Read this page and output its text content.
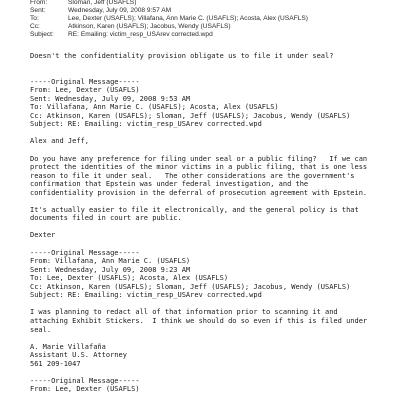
From:	Sloman, Jeff (USAFLS)
Sent:	Wednesday, July 09, 2008 9:57 AM
To:	Lee, Dexter (USAFLS); Villafana, Ann Marie C. (USAFLS); Acosta, Alex (USAFLS)
Cc:	Atkinson, Karen (USAFLS); Jacobus, Wendy (USAFLS)
Subject: RE: Emailing: victim_resp_USArev corrected.wpd
Doesn't the confidentiality provision obligate us to file it under seal?
-----Original Message-----
From: Lee, Dexter (USAFLS)
Sent: Wednesday, July 09, 2008 9:53 AM
To: Villafana, Ann Marie C. (USAFLS); Acosta, Alex (USAFLS)
Cc: Atkinson, Karen (USAFLS); Sloman, Jeff (USAFLS); Jacobus, Wendy (USAFLS)
Subject: RE: Emailing: victim_resp_USArev corrected.wpd
Alex and Jeff,
Do you have any preference for filing under seal or a public filing?   If we can
protect the identities of the minor victims in a public filing, that is one less
reason to file it under seal.   The other considerations are the government's
confirmation that Epstein was under federal investigation, and the
confidentiality provision in the deferral of prosecution agreement with Epstein.
It's actually easier to file it electronically, and the general policy is that
documents filed in court are public.
Dexter
-----Original Message-----
From: Villafana, Ann Marie C. (USAFLS)
Sent: Wednesday, July 09, 2008 9:23 AM
To: Lee, Dexter (USAFLS); Acosta, Alex (USAFLS)
Cc: Atkinson, Karen (USAFLS); Sloman, Jeff (USAFLS); Jacobus, Wendy (USAFLS)
Subject: RE: Emailing: victim_resp_USArev corrected.wpd
I was planning to redact all of that information prior to scanning it and
attaching Exhibit Stickers.  I think we should do so even if this is filed under
seal.
A. Marie Villafaña
Assistant U.S. Attorney
561 209-1047
-----Original Message-----
From: Lee, Dexter (USAFLS)
